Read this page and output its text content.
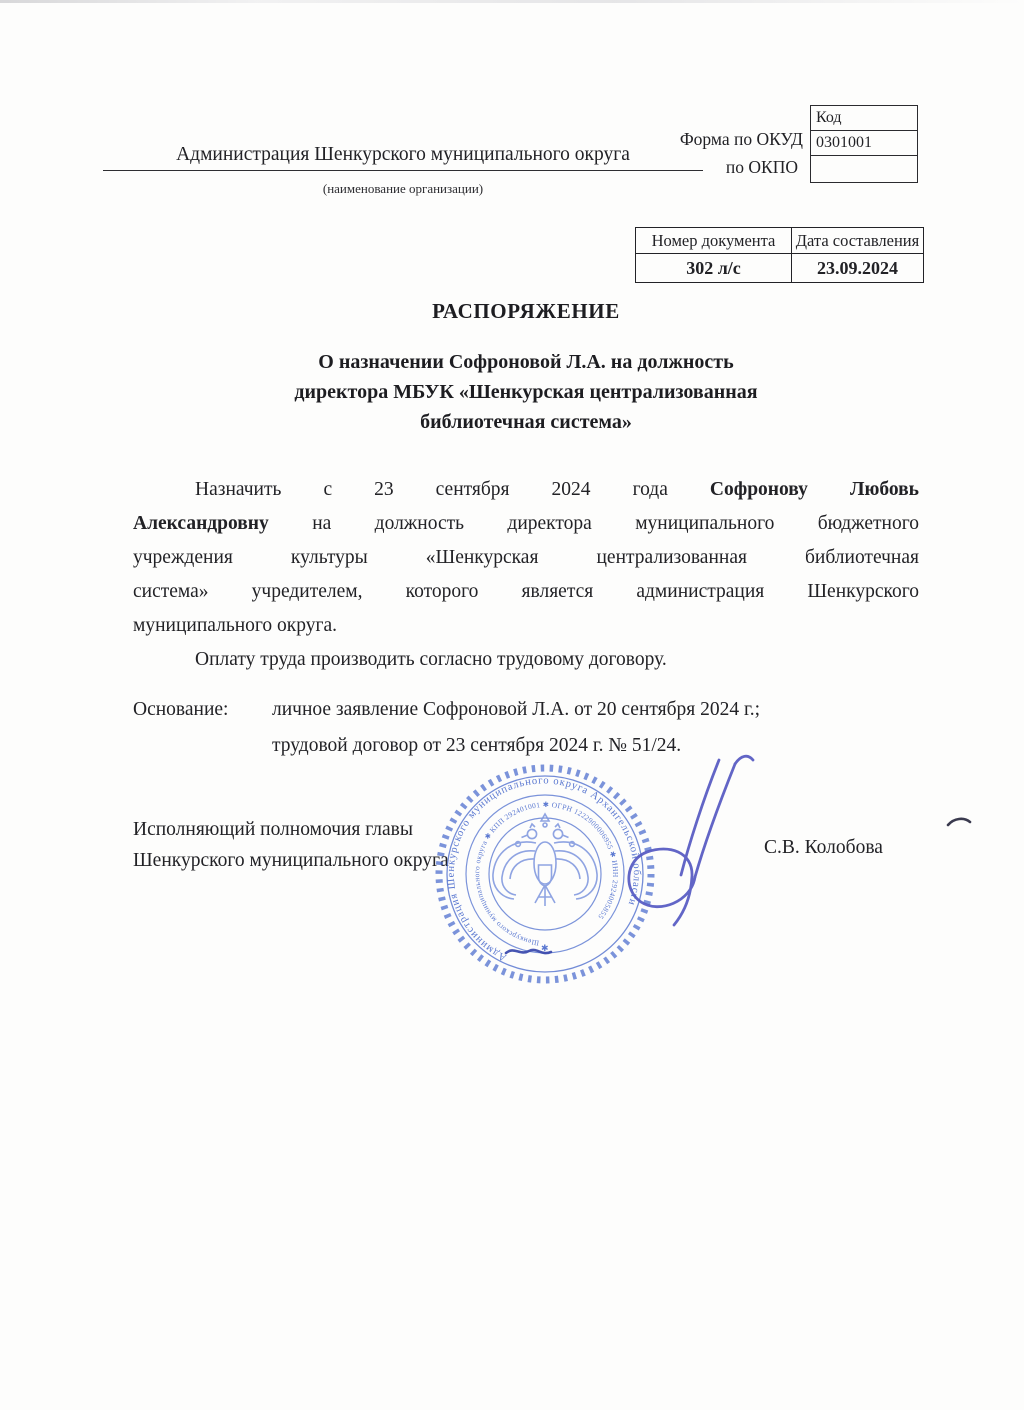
Код
0301001
Форма по ОКУД
по ОКПО
Администрация Шенкурского муниципального округа
(наименование организации)
Номер документа	Дата составления
302 л/с	23.09.2024
РАСПОРЯЖЕНИЕ
О назначении Софроновой Л.А. на должность
директора МБУК «Шенкурская централизованная
библиотечная система»
Назначить с 23 сентября 2024 года Софронову Любовь
Александровну на должность директора муниципального бюджетного
учреждения культуры «Шенкурская централизованная библиотечная
система» учредителем, которого является администрация Шенкурского
муниципального округа.
Оплату труда производить согласно трудовому договору.
Основание:	личное заявление Софроновой Л.А. от 20 сентября 2024 г.;
трудовой договор от 23 сентября 2024 г. № 51/24.
Исполняющий полномочия главы
Шенкурского муниципального округа
С.В. Колобова
Администрация Шенкурского муниципального округа Архангельской области
Шенкурского муниципального округа ✱ КПП 292401001 ✱ ОГРН 1222900006955 ✱ ИНН 2924005855
✱
